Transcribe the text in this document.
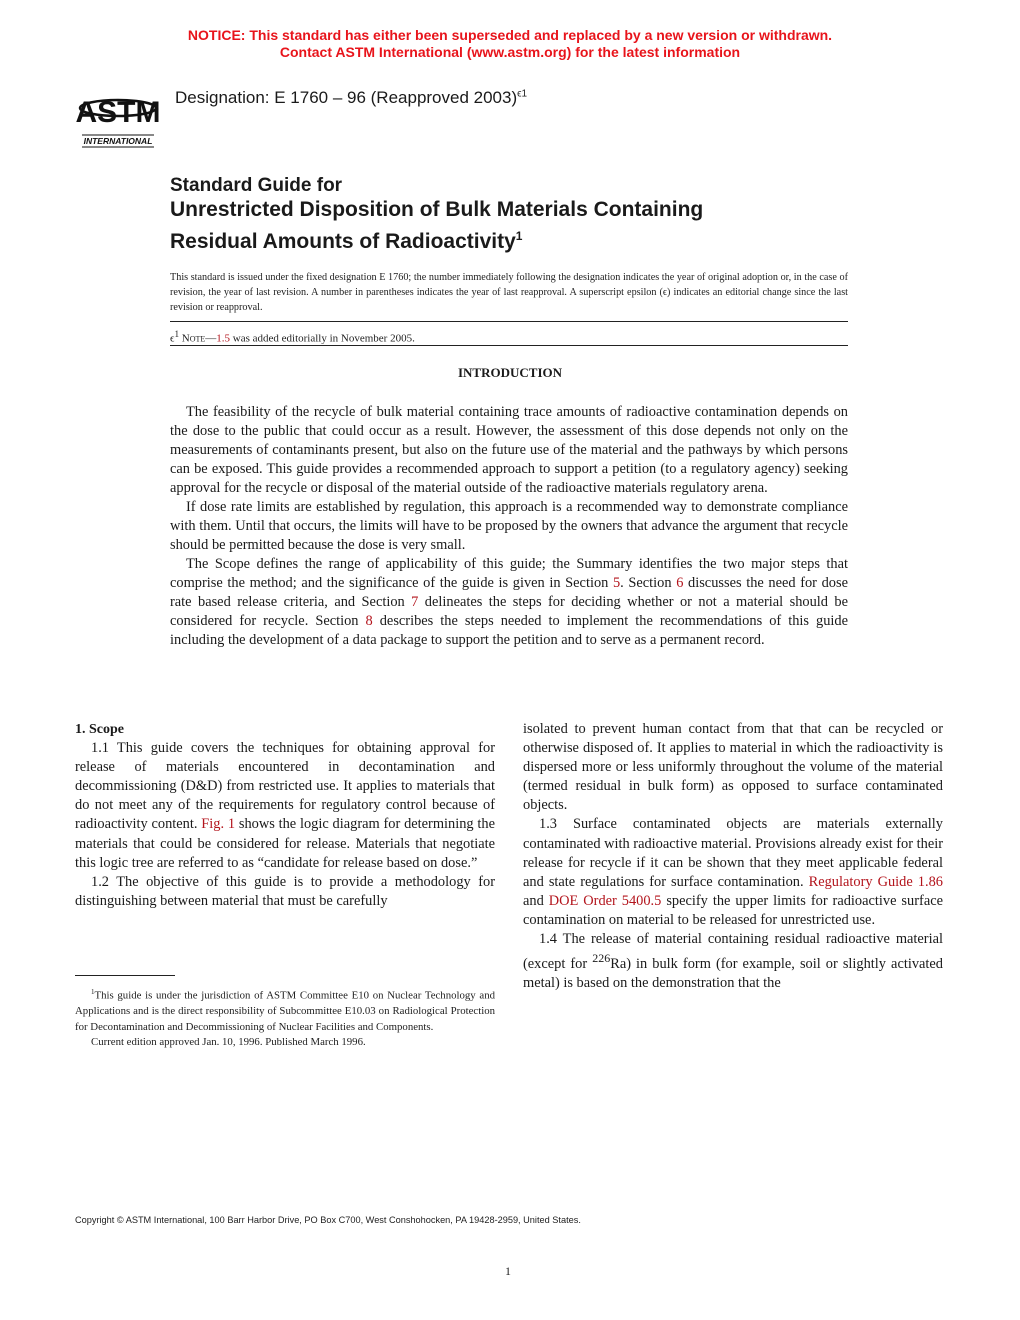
NOTICE: This standard has either been superseded and replaced by a new version or withdrawn.
Contact ASTM International (www.astm.org) for the latest information
ASTM
INTERNATIONAL
Designation: E 1760 – 96 (Reapproved 2003)$^{\epsilon 1}$
Standard Guide for
Unrestricted Disposition of Bulk Materials Containing
Residual Amounts of Radioactivity$^1$
This standard is issued under the fixed designation E 1760; the number immediately following the designation indicates the year of original adoption or, in the case of revision, the year of last revision. A number in parentheses indicates the year of last reapproval. A superscript epsilon (ϵ) indicates an editorial change since the last revision or reapproval.
$\epsilon^1$ Note—1.5 was added editorially in November 2005.
INTRODUCTION

The feasibility of the recycle of bulk material containing trace amounts of radioactive contamination depends on the dose to the public that could occur as a result. However, the assessment of this dose depends not only on the measurements of contaminants present, but also on the future use of the material and the pathways by which persons can be exposed. This guide provides a recommended approach to support a petition (to a regulatory agency) seeking approval for the recycle or disposal of the material outside of the radioactive materials regulatory arena.

If dose rate limits are established by regulation, this approach is a recommended way to demonstrate compliance with them. Until that occurs, the limits will have to be proposed by the owners that advance the argument that recycle should be permitted because the dose is very small.

The Scope defines the range of applicability of this guide; the Summary identifies the two major steps that comprise the method; and the significance of the guide is given in Section 5. Section 6 discusses the need for dose rate based release criteria, and Section 7 delineates the steps for deciding whether or not a material should be considered for recycle. Section 8 describes the steps needed to implement the recommendations of this guide including the development of a data package to support the petition and to serve as a permanent record.

1. Scope

1.1 This guide covers the techniques for obtaining approval for release of materials encountered in decontamination and decommissioning (D&D) from restricted use. It applies to materials that do not meet any of the requirements for regulatory control because of radioactivity content. Fig. 1 shows the logic diagram for determining the materials that could be considered for release. Materials that negotiate this logic tree are referred to as “candidate for release based on dose.”

1.2 The objective of this guide is to provide a methodology for distinguishing between material that must be carefully

isolated to prevent human contact from that that can be recycled or otherwise disposed of. It applies to material in which the radioactivity is dispersed more or less uniformly throughout the volume of the material (termed residual in bulk form) as opposed to surface contaminated objects.

1.3 Surface contaminated objects are materials externally contaminated with radioactive material. Provisions already exist for their release for recycle if it can be shown that they meet applicable federal and state regulations for surface contamination. Regulatory Guide 1.86 and DOE Order 5400.5 specify the upper limits for radioactive surface contamination on material to be released for unrestricted use.

1.4 The release of material containing residual radioactive material (except for $^{226}$Ra) in bulk form (for example, soil or slightly activated metal) is based on the demonstration that the

$^1$This guide is under the jurisdiction of ASTM Committee E10 on Nuclear Technology and Applications and is the direct responsibility of Subcommittee E10.03 on Radiological Protection for Decontamination and Decommissioning of Nuclear Facilities and Components.

Current edition approved Jan. 10, 1996. Published March 1996.

Copyright © ASTM International, 100 Barr Harbor Drive, PO Box C700, West Conshohocken, PA 19428-2959, United States.
1
